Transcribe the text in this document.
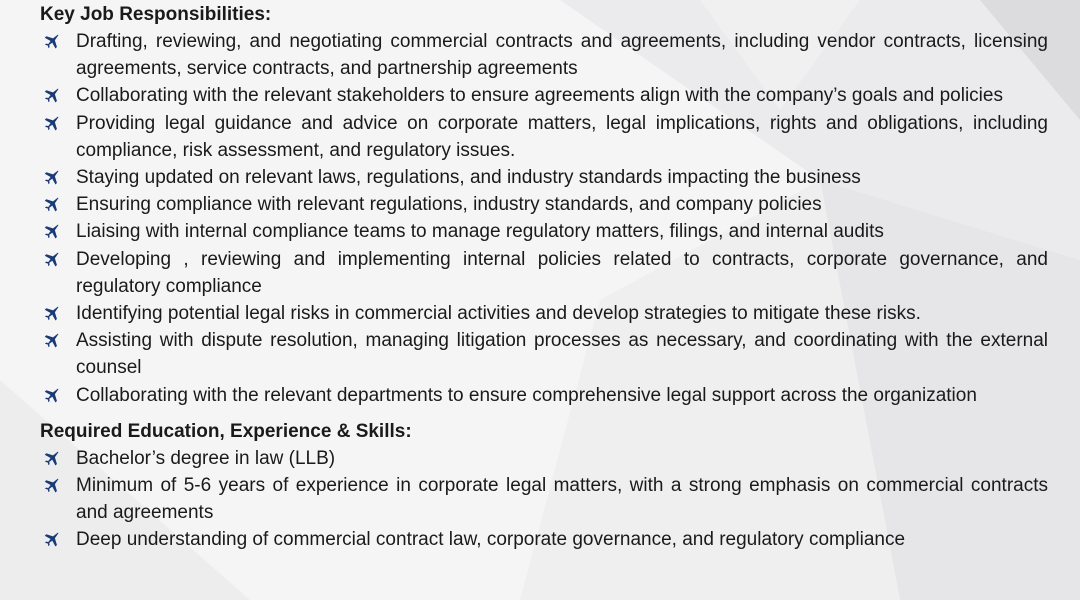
Key Job Responsibilities:
Drafting, reviewing, and negotiating commercial contracts and agreements, including vendor contracts, licensing agreements, service contracts, and partnership agreements
Collaborating with the relevant stakeholders to ensure agreements align with the company’s goals and policies
Providing legal guidance and advice on corporate matters, legal implications, rights and obligations, including compliance, risk assessment, and regulatory issues.
Staying updated on relevant laws, regulations, and industry standards impacting the business
Ensuring compliance with relevant regulations, industry standards, and company policies
Liaising with internal compliance teams to manage regulatory matters, filings, and internal audits
Developing , reviewing and implementing internal policies related to contracts, corporate governance, and regulatory compliance
Identifying potential legal risks in commercial activities and develop strategies to mitigate these risks.
Assisting with dispute resolution, managing litigation processes as necessary, and coordinating with the external counsel
Collaborating with the relevant departments to ensure comprehensive legal support across the organization
Required Education, Experience & Skills:
Bachelor’s degree in law (LLB)
Minimum of 5-6 years of experience in corporate legal matters, with a strong emphasis on commercial contracts and agreements
Deep understanding of commercial contract law, corporate governance, and regulatory compliance
